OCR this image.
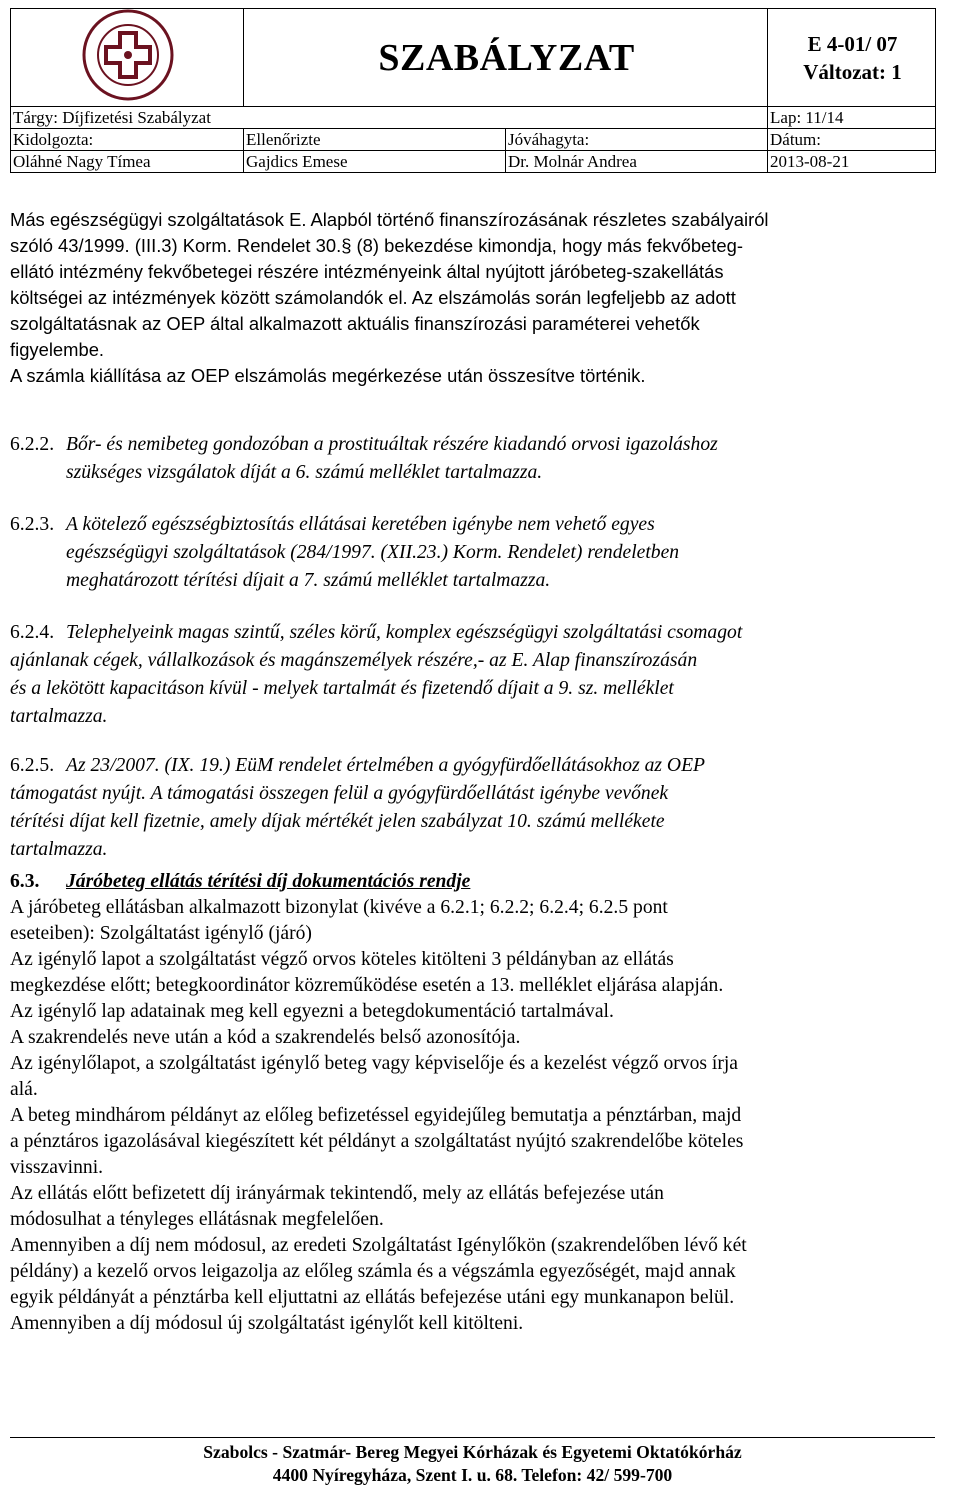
	SZABÁLYZAT		E 4-01/ 07
Változat: 1

Tárgy: Díjfizetési Szabályzat			Lap: 11/14
Kidolgozta:	Ellenőrizte	Jóváhagyta:	Dátum:
Oláhné Nagy Tímea	Gajdics Emese	Dr. Molnár Andrea	2013-08-21
Más egészségügyi szolgáltatások E. Alapból történő finanszírozásának részletes szabályairól
szóló 43/1999. (III.3) Korm. Rendelet 30.§ (8) bekezdése kimondja, hogy más fekvőbeteg-
ellátó intézmény fekvőbetegei részére intézményeink által nyújtott járóbeteg-szakellátás
költségei az intézmények között számolandók el. Az elszámolás során legfeljebb az adott
szolgáltatásnak az OEP által alkalmazott aktuális finanszírozási paraméterei vehetők
figyelembe.
A számla kiállítása az OEP elszámolás megérkezése után összesítve történik.
6.2.2. Bőr- és nemibeteg gondozóban a prostituáltak részére kiadandó orvosi igazoláshoz
szükséges vizsgálatok díját a 6. számú melléklet tartalmazza.
6.2.3. A kötelező egészségbiztosítás ellátásai keretében igénybe nem vehető egyes
egészségügyi szolgáltatások (284/1997. (XII.23.) Korm. Rendelet) rendeletben
meghatározott térítési díjait a 7. számú melléklet tartalmazza.
6.2.4. Telephelyeink magas szintű, széles körű, komplex egészségügyi szolgáltatási csomagot
ajánlanak cégek, vállalkozások és magánszemélyek részére,- az E. Alap finanszírozásán
és a lekötött kapacitáson kívül - melyek tartalmát és fizetendő díjait a 9. sz. melléklet
tartalmazza.
6.2.5. Az 23/2007. (IX. 19.) EüM rendelet értelmében a gyógyfürdőellátásokhoz az OEP
támogatást nyújt. A támogatási összegen felül a gyógyfürdőellátást igénybe vevőnek
térítési díjat kell fizetnie, amely díjak mértékét jelen szabályzat 10. számú mellékete
tartalmazza.
6.3. Járóbeteg ellátás térítési díj dokumentációs rendje
A járóbeteg ellátásban alkalmazott bizonylat (kivéve a 6.2.1; 6.2.2; 6.2.4; 6.2.5 pont
eseteiben): Szolgáltatást igénylő (járó)
Az igénylő lapot a szolgáltatást végző orvos köteles kitölteni 3 példányban az ellátás
megkezdése előtt; betegkoordinátor közreműködése esetén a 13. melléklet eljárása alapján.
Az igénylő lap adatainak meg kell egyezni a betegdokumentáció tartalmával.
A szakrendelés neve után a kód a szakrendelés belső azonosítója.
Az igénylőlapot, a szolgáltatást igénylő beteg vagy képviselője és a kezelést végző orvos írja
alá.
A beteg mindhárom példányt az előleg befizetéssel egyidejűleg bemutatja a pénztárban, majd
a pénztáros igazolásával kiegészített két példányt a szolgáltatást nyújtó szakrendelőbe köteles
visszavinni.
Az ellátás előtt befizetett díj irányármak tekintendő, mely az ellátás befejezése után
módosulhat a tényleges ellátásnak megfelelően.
Amennyiben a díj nem módosul, az eredeti Szolgáltatást Igénylőkön (szakrendelőben lévő két
példány) a kezelő orvos leigazolja az előleg számla és a végszámla egyezőségét, majd annak
egyik példányát a pénztárba kell eljuttatni az ellátás befejezése utáni egy munkanapon belül.
Amennyiben a díj módosul új szolgáltatást igénylőt kell kitölteni.
Szabolcs - Szatmár- Bereg Megyei Kórházak és Egyetemi Oktatókórház
4400 Nyíregyháza, Szent I. u. 68. Telefon: 42/ 599-700
